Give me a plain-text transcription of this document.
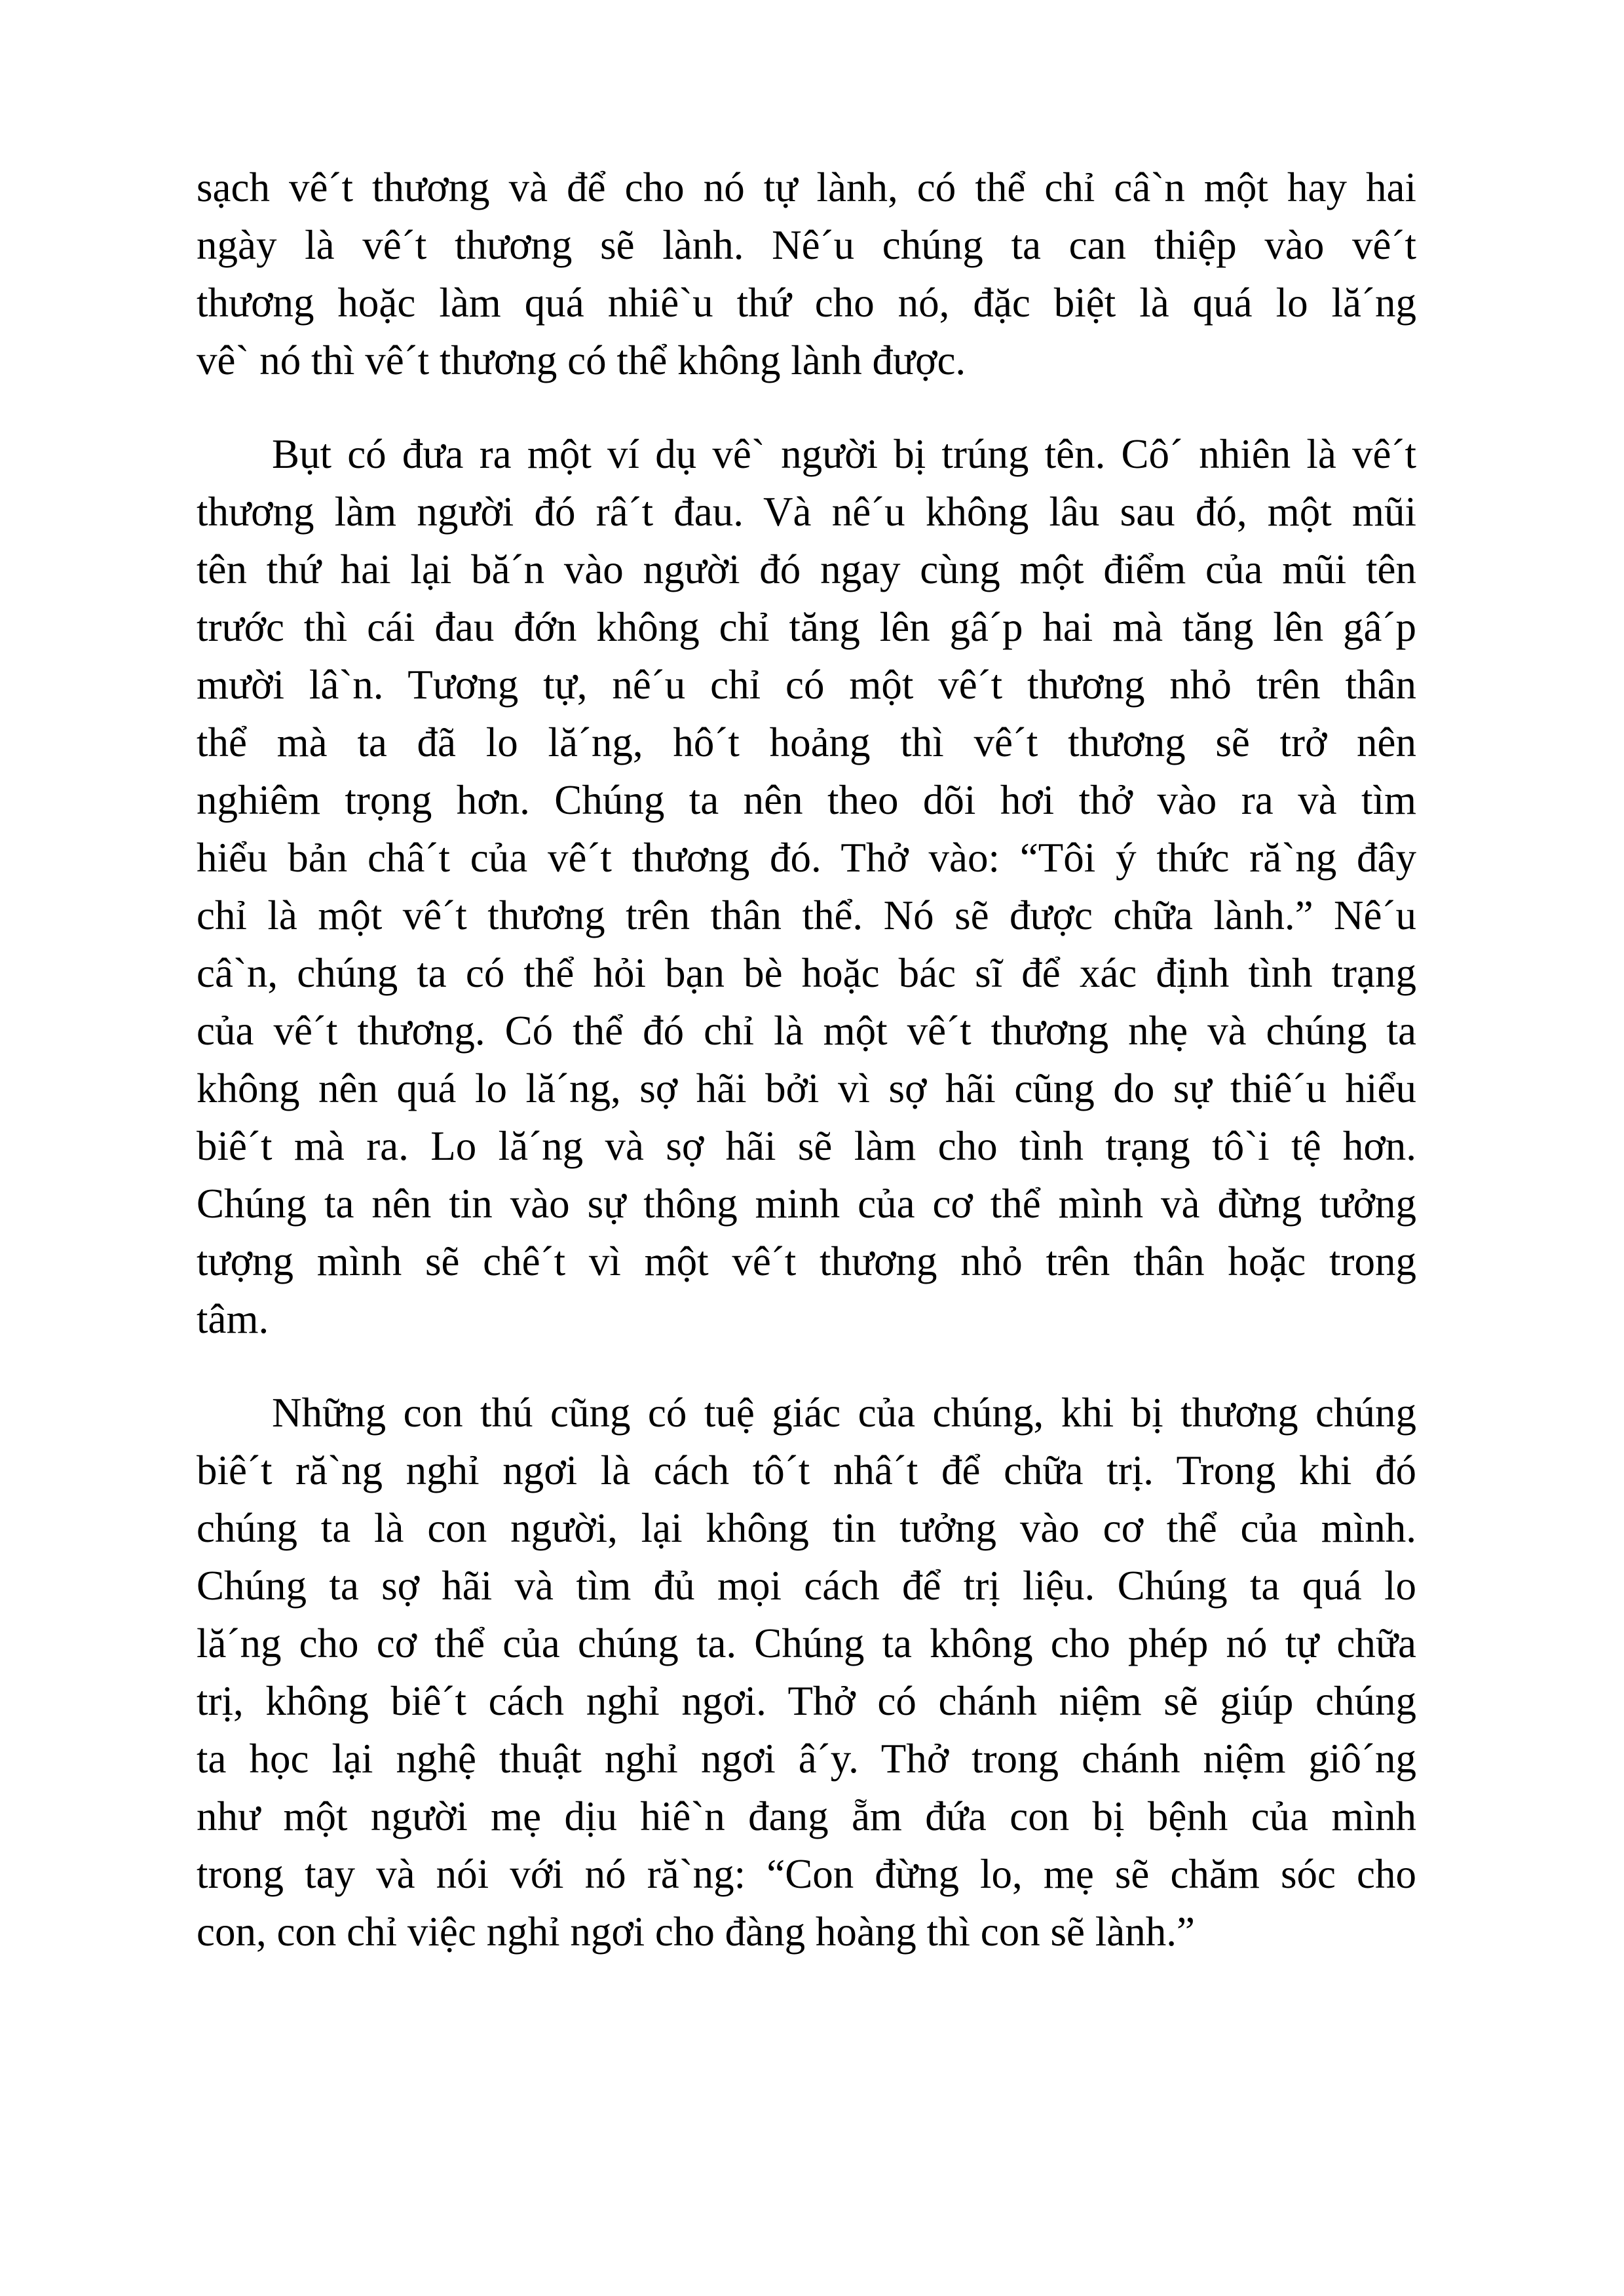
sạch vê´t thương và để cho nó tự lành, có thể chỉ câ`n một hay hai
ngày là vê´t thương sẽ lành. Nê´u chúng ta can thiệp vào vê´t
thương hoặc làm quá nhiê`u thứ cho nó, đặc biệt là quá lo lă´ng
vê` nó thì vê´t thương có thể không lành được.

Bụt có đưa ra một ví dụ vê` người bị trúng tên. Cô´ nhiên là vê´t
thương làm người đó râ´t đau. Và nê´u không lâu sau đó, một mũi
tên thứ hai lại bă´n vào người đó ngay cùng một điểm của mũi tên
trước thì cái đau đớn không chỉ tăng lên gâ´p hai mà tăng lên gâ´p
mười lâ`n. Tương tự, nê´u chỉ có một vê´t thương nhỏ trên thân
thể mà ta đã lo lă´ng, hô´t hoảng thì vê´t thương sẽ trở nên
nghiêm trọng hơn. Chúng ta nên theo dõi hơi thở vào ra và tìm
hiểu bản châ´t của vê´t thương đó. Thở vào: “Tôi ý thức ră`ng đây
chỉ là một vê´t thương trên thân thể. Nó sẽ được chữa lành.” Nê´u
câ`n, chúng ta có thể hỏi bạn bè hoặc bác sĩ để xác định tình trạng
của vê´t thương. Có thể đó chỉ là một vê´t thương nhẹ và chúng ta
không nên quá lo lă´ng, sợ hãi bởi vì sợ hãi cũng do sự thiê´u hiểu
biê´t mà ra. Lo lă´ng và sợ hãi sẽ làm cho tình trạng tô`i tệ hơn.
Chúng ta nên tin vào sự thông minh của cơ thể mình và đừng tưởng
tượng mình sẽ chê´t vì một vê´t thương nhỏ trên thân hoặc trong
tâm.

Những con thú cũng có tuệ giác của chúng, khi bị thương chúng
biê´t ră`ng nghỉ ngơi là cách tô´t nhâ´t để chữa trị. Trong khi đó
chúng ta là con người, lại không tin tưởng vào cơ thể của mình.
Chúng ta sợ hãi và tìm đủ mọi cách để trị liệu. Chúng ta quá lo
lă´ng cho cơ thể của chúng ta. Chúng ta không cho phép nó tự chữa
trị, không biê´t cách nghỉ ngơi. Thở có chánh niệm sẽ giúp chúng
ta học lại nghệ thuật nghỉ ngơi â´y. Thở trong chánh niệm giô´ng
như một người mẹ dịu hiê`n đang ẵm đứa con bị bệnh của mình
trong tay và nói với nó ră`ng: “Con đừng lo, mẹ sẽ chăm sóc cho
con, con chỉ việc nghỉ ngơi cho đàng hoàng thì con sẽ lành.”
